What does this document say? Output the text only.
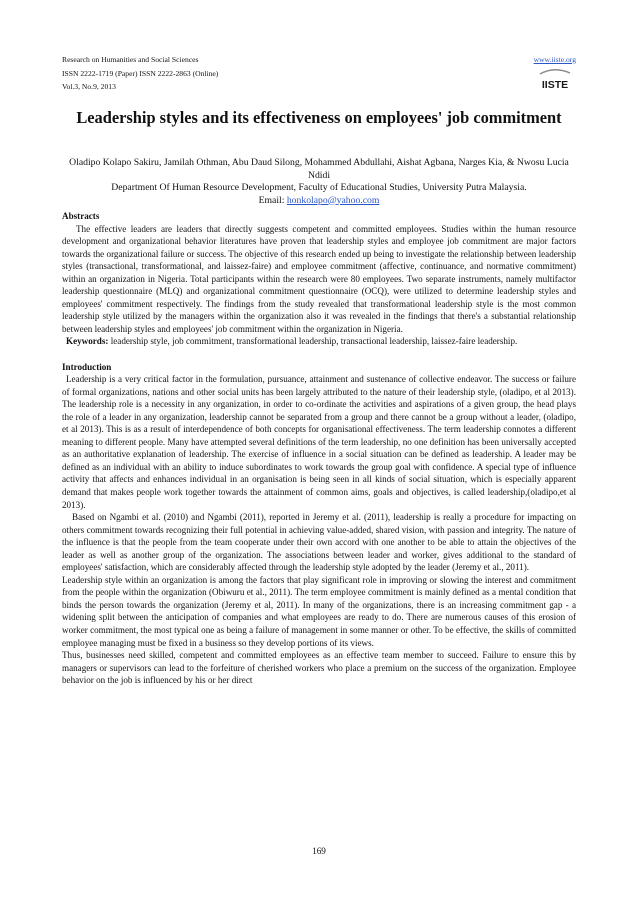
Research on Humanities and Social Sciences
ISSN 2222-1719 (Paper) ISSN 2222-2863 (Online)
Vol.3, No.9, 2013
www.iiste.org
IISTE
Leadership styles and its effectiveness on employees' job commitment
Oladipo Kolapo Sakiru, Jamilah Othman, Abu Daud Silong, Mohammed Abdullahi, Aishat Agbana, Narges Kia, & Nwosu Lucia Ndidi
Department Of Human Resource Development, Faculty of Educational Studies, University Putra Malaysia.
Email: honkolapo@yahoo.com
Abstracts

The effective leaders are leaders that directly suggests competent and committed employees. Studies within the human resource development and organizational behavior literatures have proven that leadership styles and employee job commitment are major factors towards the organizational failure or success. The objective of this research ended up being to investigate the relationship between leadership styles (transactional, transformational, and laissez-faire) and employee commitment (affective, continuance, and normative commitment) within an organization in Nigeria. Total participants within the research were 80 employees. Two separate instruments, namely multifactor leadership questionnaire (MLQ) and organizational commitment questionnaire (OCQ), were utilized to determine leadership styles and employees' commitment respectively. The findings from the study revealed that transformational leadership style is the most common leadership style utilized by the managers within the organization also it was revealed in the findings that there's a substantial relationship between leadership styles and employees' job commitment within the organization in Nigeria.

Keywords: leadership style, job commitment, transformational leadership, transactional leadership, laissez-faire leadership.

Introduction

Leadership is a very critical factor in the formulation, pursuance, attainment and sustenance of collective endeavor. The success or failure of formal organizations, nations and other social units has been largely attributed to the nature of their leadership style, (oladipo, et al 2013). The leadership role is a necessity in any organization, in order to co-ordinate the activities and aspirations of a given group, the head plays the role of a leader in any organization, leadership cannot be separated from a group and there cannot be a group without a leader, (oladipo, et al 2013). This is as a result of interdependence of both concepts for organisational effectiveness. The term leadership connotes a different meaning to different people. Many have attempted several definitions of the term leadership, no one definition has been universally accepted as an authoritative explanation of leadership. The exercise of influence in a social situation can be defined as leadership. A leader may be defined as an individual with an ability to induce subordinates to work towards the group goal with confidence. A special type of influence activity that affects and enhances individual in an organisation is being seen in all kinds of social situation, which is especially apparent demand that makes people work together towards the attainment of common aims, goals and objectives, is called leadership,(oladipo,et al 2013).

Based on Ngambi et al. (2010) and Ngambi (2011), reported in Jeremy et al. (2011), leadership is really a procedure for impacting on others commitment towards recognizing their full potential in achieving value-added, shared vision, with passion and integrity. The nature of the influence is that the people from the team cooperate under their own accord with one another to be able to attain the objectives of the leader as well as another group of the organization. The associations between leader and worker, gives additional to the standard of employees' satisfaction, which are considerably affected through the leadership style adopted by the leader (Jeremy et al., 2011).

Leadership style within an organization is among the factors that play significant role in improving or slowing the interest and commitment from the people within the organization (Obiwuru et al., 2011). The term employee commitment is mainly defined as a mental condition that binds the person towards the organization (Jeremy et al, 2011). In many of the organizations, there is an increasing commitment gap - a widening split between the anticipation of companies and what employees are ready to do. There are numerous causes of this erosion of worker commitment, the most typical one as being a failure of management in some manner or other. To be effective, the skills of committed employee managing must be fixed in a business so they develop portions of its views.

Thus, businesses need skilled, competent and committed employees as an effective team member to succeed. Failure to ensure this by managers or supervisors can lead to the forfeiture of cherished workers who place a premium on the success of the organization. Employee behavior on the job is influenced by his or her direct

169
